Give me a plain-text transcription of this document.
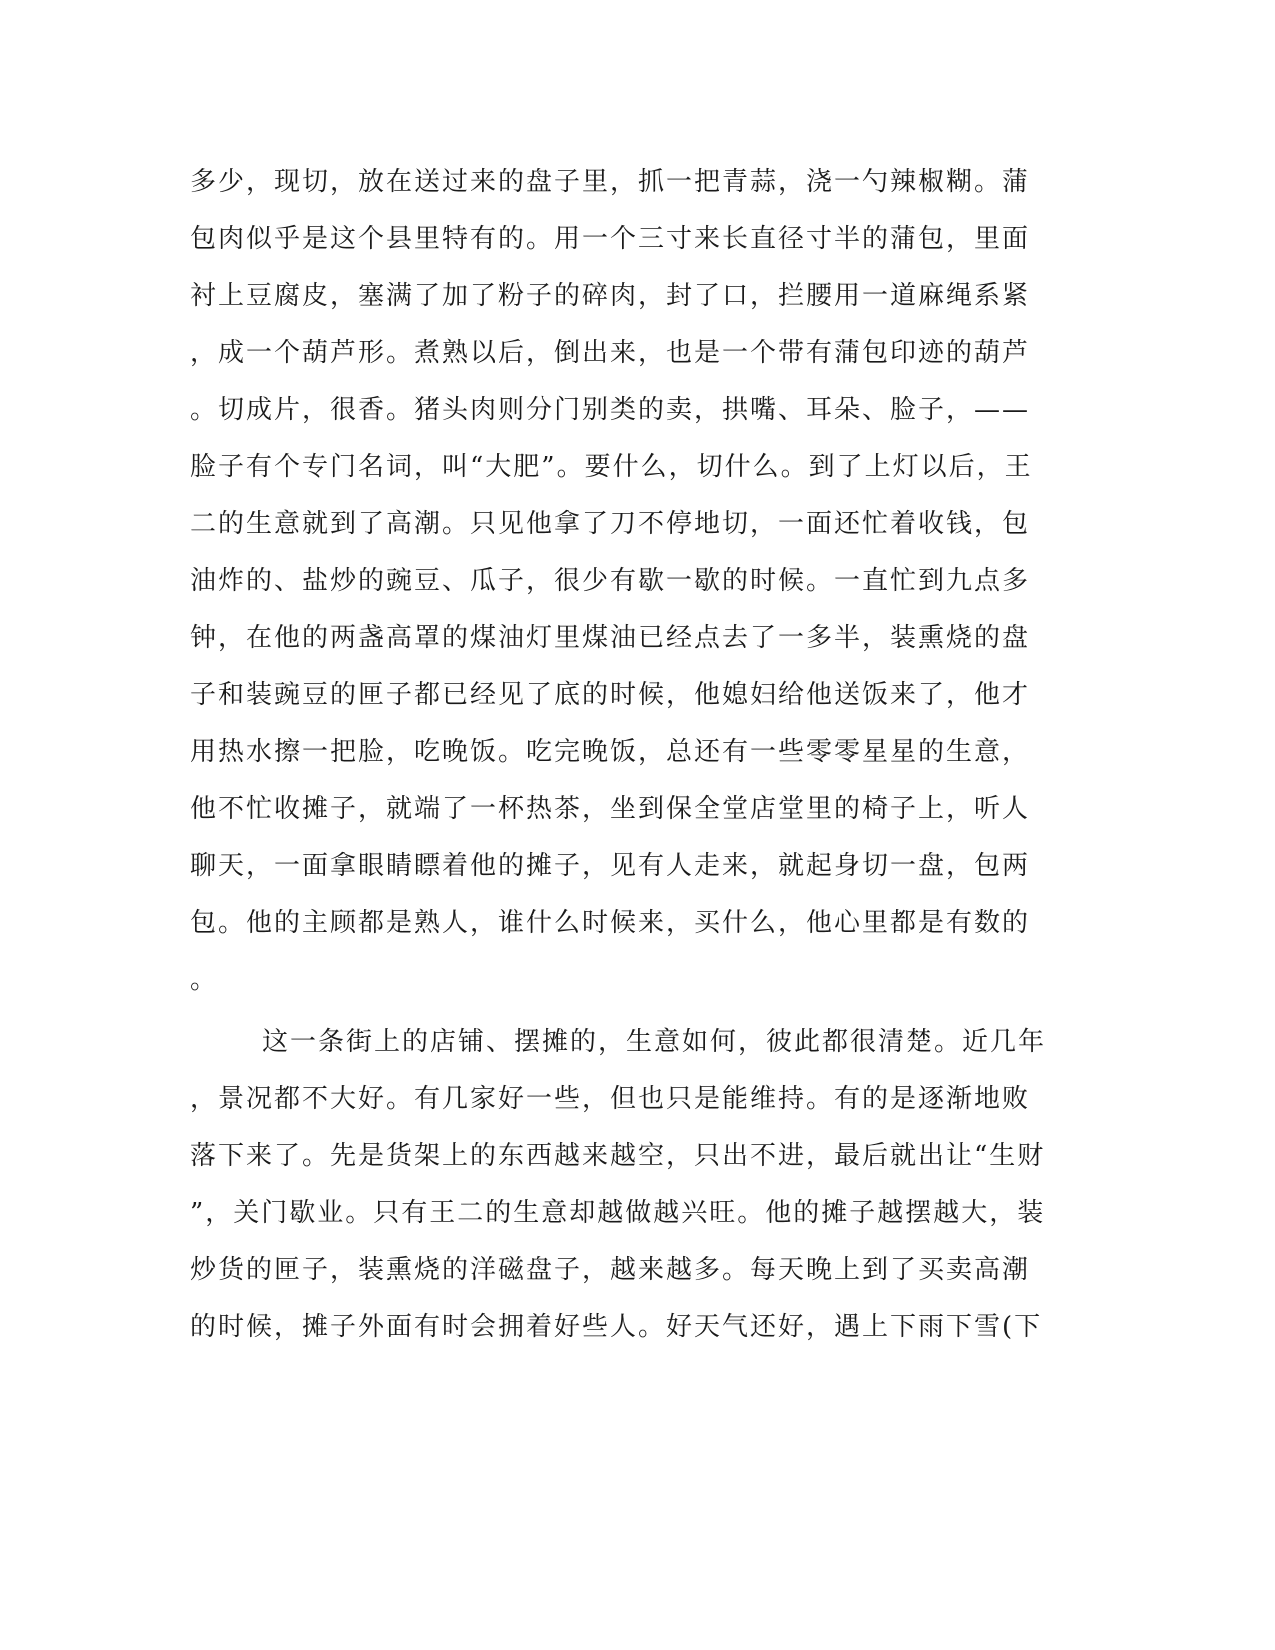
多少，现切，放在送过来的盘子里，抓一把青蒜，浇一勺辣椒糊。蒲
包肉似乎是这个县里特有的。用一个三寸来长直径寸半的蒲包，里面
衬上豆腐皮，塞满了加了粉子的碎肉，封了口，拦腰用一道麻绳系紧
，成一个葫芦形。煮熟以后，倒出来，也是一个带有蒲包印迹的葫芦
。切成片，很香。猪头肉则分门别类的卖，拱嘴、耳朵、脸子，——
脸子有个专门名词，叫“大肥”。要什么，切什么。到了上灯以后，王
二的生意就到了高潮。只见他拿了刀不停地切，一面还忙着收钱，包
油炸的、盐炒的豌豆、瓜子，很少有歇一歇的时候。一直忙到九点多
钟，在他的两盏高罩的煤油灯里煤油已经点去了一多半，装熏烧的盘
子和装豌豆的匣子都已经见了底的时候，他媳妇给他送饭来了，他才
用热水擦一把脸，吃晚饭。吃完晚饭，总还有一些零零星星的生意，
他不忙收摊子，就端了一杯热茶，坐到保全堂店堂里的椅子上，听人
聊天，一面拿眼睛瞟着他的摊子，见有人走来，就起身切一盘，包两
包。他的主顾都是熟人，谁什么时候来，买什么，他心里都是有数的
。
这一条街上的店铺、摆摊的，生意如何，彼此都很清楚。近几年
，景况都不大好。有几家好一些，但也只是能维持。有的是逐渐地败
落下来了。先是货架上的东西越来越空，只出不进，最后就出让“生财
”，关门歇业。只有王二的生意却越做越兴旺。他的摊子越摆越大，装
炒货的匣子，装熏烧的洋磁盘子，越来越多。每天晚上到了买卖高潮
的时候，摊子外面有时会拥着好些人。好天气还好，遇上下雨下雪(下
